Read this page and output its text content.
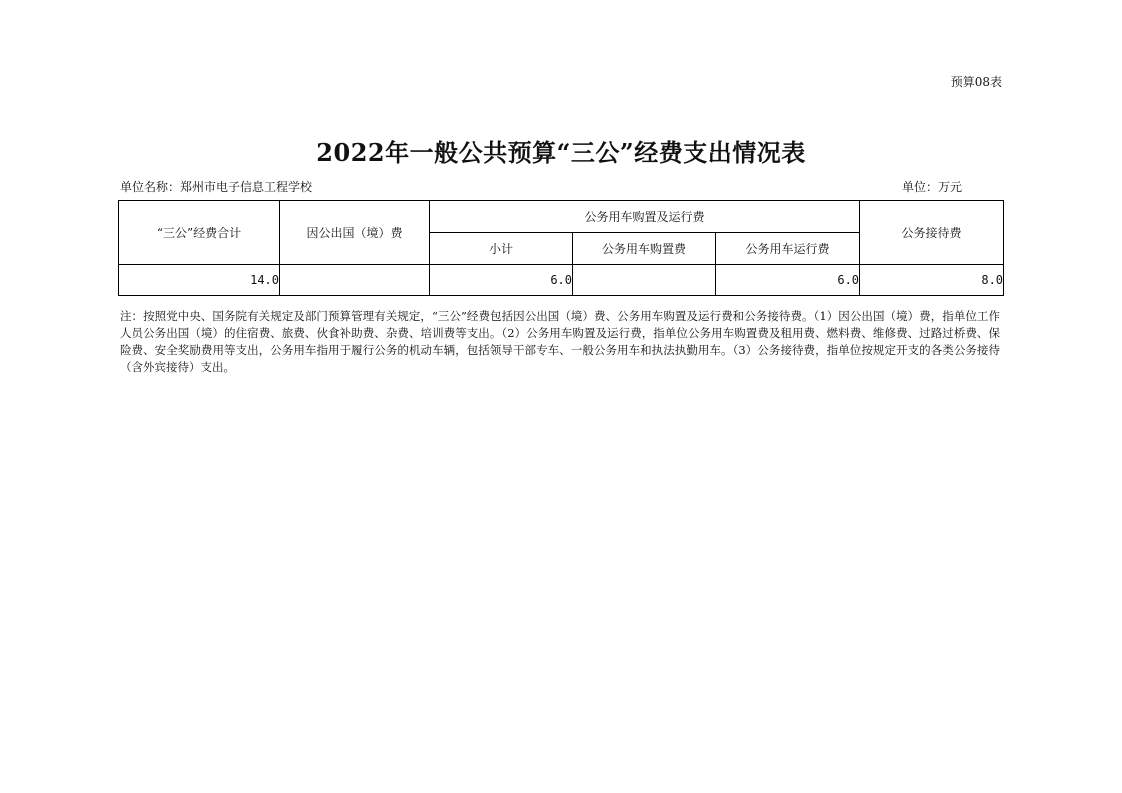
预算08表
2022年一般公共预算“三公”经费支出情况表
单位名称：郑州市电子信息工程学校	单位：万元
“三公”经费合计	因公出国（境）费	公务用车购置及运行费			公务接待费
		小计	公务用车购置费	公务用车运行费	
14.0		6.0		6.0	8.0
注：按照党中央、国务院有关规定及部门预算管理有关规定，“三公”经费包括因公出国（境）费、公务用车购置及运行费和公务接待费。（1）因公出国（境）费，指单位工作人员公务出国（境）的住宿费、旅费、伙食补助费、杂费、培训费等支出。（2）公务用车购置及运行费，指单位公务用车购置费及租用费、燃料费、维修费、过路过桥费、保险费、安全奖励费用等支出，公务用车指用于履行公务的机动车辆，包括领导干部专车、一般公务用车和执法执勤用车。（3）公务接待费，指单位按规定开支的各类公务接待（含外宾接待）支出。
